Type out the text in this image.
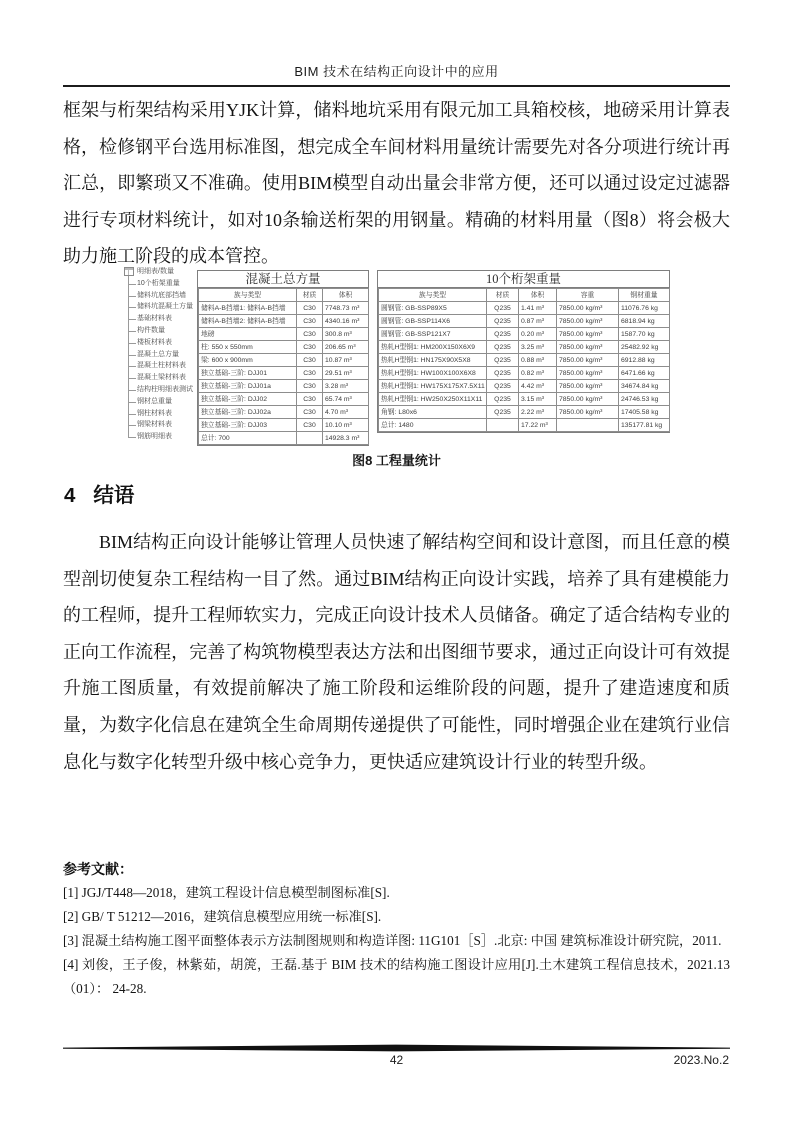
BIM 技术在结构正向设计中的应用
框架与桁架结构采用YJK计算，储料地坑采用有限元加工具箱校核，地磅采用计算表格，检修钢平台选用标准图，想完成全车间材料用量统计需要先对各分项进行统计再汇总，即繁琐又不准确。使用BIM模型自动出量会非常方便，还可以通过设定过滤器进行专项材料统计，如对10条输送桁架的用钢量。精确的材料用量（图8）将会极大助力施工阶段的成本管控。
明细表/数量
10个桁架重量
储料坑底部挡墙
储料坑混凝土方量
基础材料表
构件数量
楼板材料表
混凝土总方量
混凝土柱材料表
混凝土梁材料表
结构柱明细表测试
钢材总重量
钢柱材料表
钢梁材料表
钢筋明细表
混凝土总方量
族与类型	材质	体积
储料A-B挡墙1: 储料A-B挡墙	C30	7748.73 m³
储料A-B挡墙2: 储料A-B挡墙	C30	4340.16 m³
地磅	C30	300.8 m³
柱: 550 x 550mm	C30	206.65 m³
梁: 600 x 900mm	C30	10.87 m³
独立基础-三阶: DJJ01	C30	29.51 m³
独立基础-三阶: DJJ01a	C30	3.28 m³
独立基础-三阶: DJJ02	C30	65.74 m³
独立基础-三阶: DJJ02a	C30	4.70 m³
独立基础-三阶: DJJ03	C30	10.10 m³
总计: 700		14928.3 m³
10个桁架重量
族与类型	材质	体积	容重	钢材重量
圆钢管: GB-SSP89X5	Q235	1.41 m³	7850.00 kg/m³	11076.76 kg
圆钢管: GB-SSP114X6	Q235	0.87 m³	7850.00 kg/m³	6818.94 kg
圆钢管: GB-SSP121X7	Q235	0.20 m³	7850.00 kg/m³	1587.70 kg
热轧H型钢1: HM200X150X6X9	Q235	3.25 m³	7850.00 kg/m³	25482.92 kg
热轧H型钢1: HN175X90X5X8	Q235	0.88 m³	7850.00 kg/m³	6912.88 kg
热轧H型钢1: HW100X100X6X8	Q235	0.82 m³	7850.00 kg/m³	6471.66 kg
热轧H型钢1: HW175X175X7.5X11	Q235	4.42 m³	7850.00 kg/m³	34674.84 kg
热轧H型钢1: HW250X250X11X11	Q235	3.15 m³	7850.00 kg/m³	24746.53 kg
角钢: L80x6	Q235	2.22 m³	7850.00 kg/m³	17405.58 kg
总计: 1480		17.22 m³		135177.81 kg
图8 工程量统计
4 结语
BIM结构正向设计能够让管理人员快速了解结构空间和设计意图，而且任意的模型剖切使复杂工程结构一目了然。通过BIM结构正向设计实践，培养了具有建模能力的工程师，提升工程师软实力，完成正向设计技术人员储备。确定了适合结构专业的正向工作流程，完善了构筑物模型表达方法和出图细节要求，通过正向设计可有效提升施工图质量，有效提前解决了施工阶段和运维阶段的问题，提升了建造速度和质量，为数字化信息在建筑全生命周期传递提供了可能性，同时增强企业在建筑行业信息化与数字化转型升级中核心竞争力，更快适应建筑设计行业的转型升级。
参考文献：
[1] JGJ/T448—2018，建筑工程设计信息模型制图标准[S].
[2] GB/ T 51212—2016，建筑信息模型应用统一标准[S].
[3] 混凝土结构施工图平面整体表示方法制图规则和构造详图: 11G101［S］.北京: 中国 建筑标准设计研究院，2011.
[4] 刘俊，王子俊，林紫茹，胡箎，王磊.基于 BIM 技术的结构施工图设计应用[J].土木建筑工程信息技术，2021.13（01）： 24-28.
42	2023.No.2
